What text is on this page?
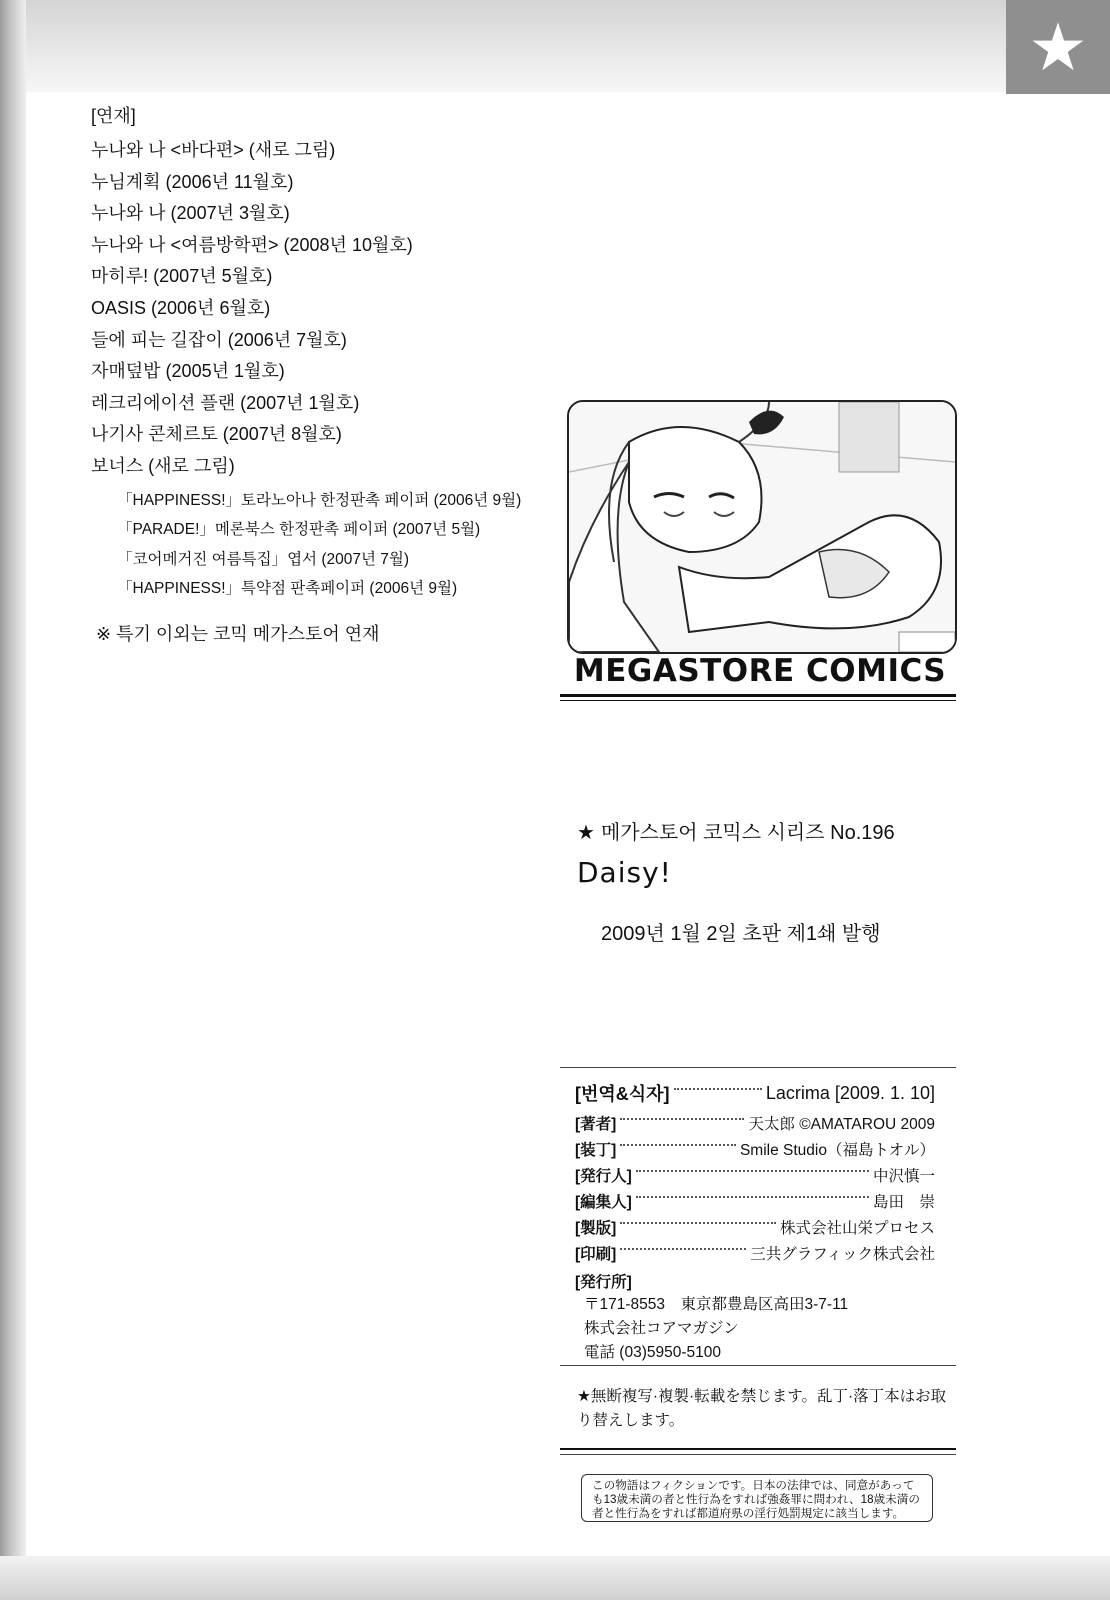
★
[연재]
누나와 나 <바다편> (새로 그림)
누님계획 (2006년 11월호)
누나와 나 (2007년 3월호)
누나와 나 <여름방학편> (2008년 10월호)
마히루! (2007년 5월호)
OASIS (2006년 6월호)
들에 피는 길잡이 (2006년 7월호)
자매덮밥 (2005년 1월호)
레크리에이션 플랜 (2007년 1월호)
나기사 콘체르토 (2007년 8월호)
보너스 (새로 그림)
「HAPPINESS!」토라노아나 한정판촉 페이퍼 (2006년 9월)
「PARADE!」메론북스 한정판촉 페이퍼 (2007년 5월)
「코어메거진 여름특집」엽서 (2007년 7월)
「HAPPINESS!」특약점 판촉페이퍼 (2006년 9월)
※ 특기 이외는 코믹 메가스토어 연재
MEGASTORE COMICS
★ 메가스토어 코믹스 시리즈 No.196
Daisy!
2009년 1월 2일 초판 제1쇄 발행
[번역&식자]	Lacrima [2009. 1. 10]
[著者]	天太郎 ©AMATAROU 2009
[装丁]	Smile Studio（福島トオル）
[発行人]	中沢慎一
[編集人]	島田　崇
[製版]	株式会社山栄プロセス
[印刷]	三共グラフィック株式会社
[発行所]
〒171-8553　東京都豊島区高田3-7-11
株式会社コアマガジン
電話 (03)5950-5100
★無断複写·複製·転載を禁じます。乱丁·落丁本はお取り替えします。
この物語はフィクションです。日本の法律では、同意があっても13歳未満の者と性行為をすれば強姦罪に問われ、18歳未満の者と性行為をすれば都道府県の淫行処罰規定に該当します。
